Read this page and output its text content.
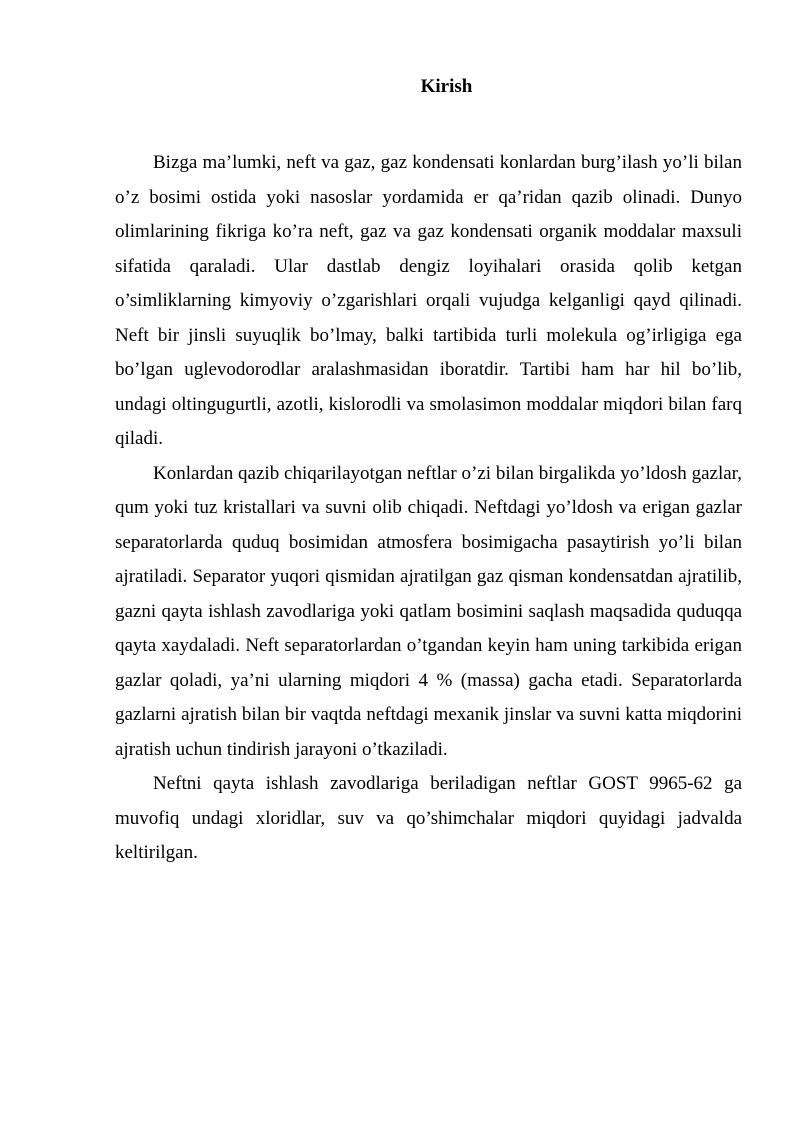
Kirish

Bizga ma’lumki, neft va gaz, gaz kondensati konlardan burg’ilash yo’li bilan o’z bosimi ostida yoki nasoslar yordamida er qa’ridan qazib olinadi. Dunyo olimlarining fikriga ko’ra neft, gaz va gaz kondensati organik moddalar maxsuli sifatida qaraladi. Ular dastlab dengiz loyihalari orasida qolib ketgan o’simliklarning kimyoviy o’zgarishlari orqali vujudga kelganligi qayd qilinadi. Neft bir jinsli suyuqlik bo’lmay, balki tartibida turli molekula og’irligiga ega bo’lgan uglevodorodlar aralashmasidan iboratdir. Tartibi ham har hil bo’lib, undagi oltingugurtli, azotli, kislorodli va smolasimon moddalar miqdori bilan farq qiladi.

Konlardan qazib chiqarilayotgan neftlar o’zi bilan birgalikda yo’ldosh gazlar, qum yoki tuz kristallari va suvni olib chiqadi. Neftdagi yo’ldosh va erigan gazlar separatorlarda quduq bosimidan atmosfera bosimigacha pasaytirish yo’li bilan ajratiladi. Separator yuqori qismidan ajratilgan gaz qisman kondensatdan ajratilib, gazni qayta ishlash zavodlariga yoki qatlam bosimini saqlash maqsadida quduqqa qayta xaydaladi. Neft separatorlardan o’tgandan keyin ham uning tarkibida erigan gazlar qoladi, ya’ni ularning miqdori 4 % (massa) gacha etadi. Separatorlarda gazlarni ajratish bilan bir vaqtda neftdagi mexanik jinslar va suvni katta miqdorini ajratish uchun tindirish jarayoni o’tkaziladi.

Neftni qayta ishlash zavodlariga beriladigan neftlar GOST 9965-62 ga muvofiq undagi xloridlar, suv va qo’shimchalar miqdori quyidagi jadvalda keltirilgan.
